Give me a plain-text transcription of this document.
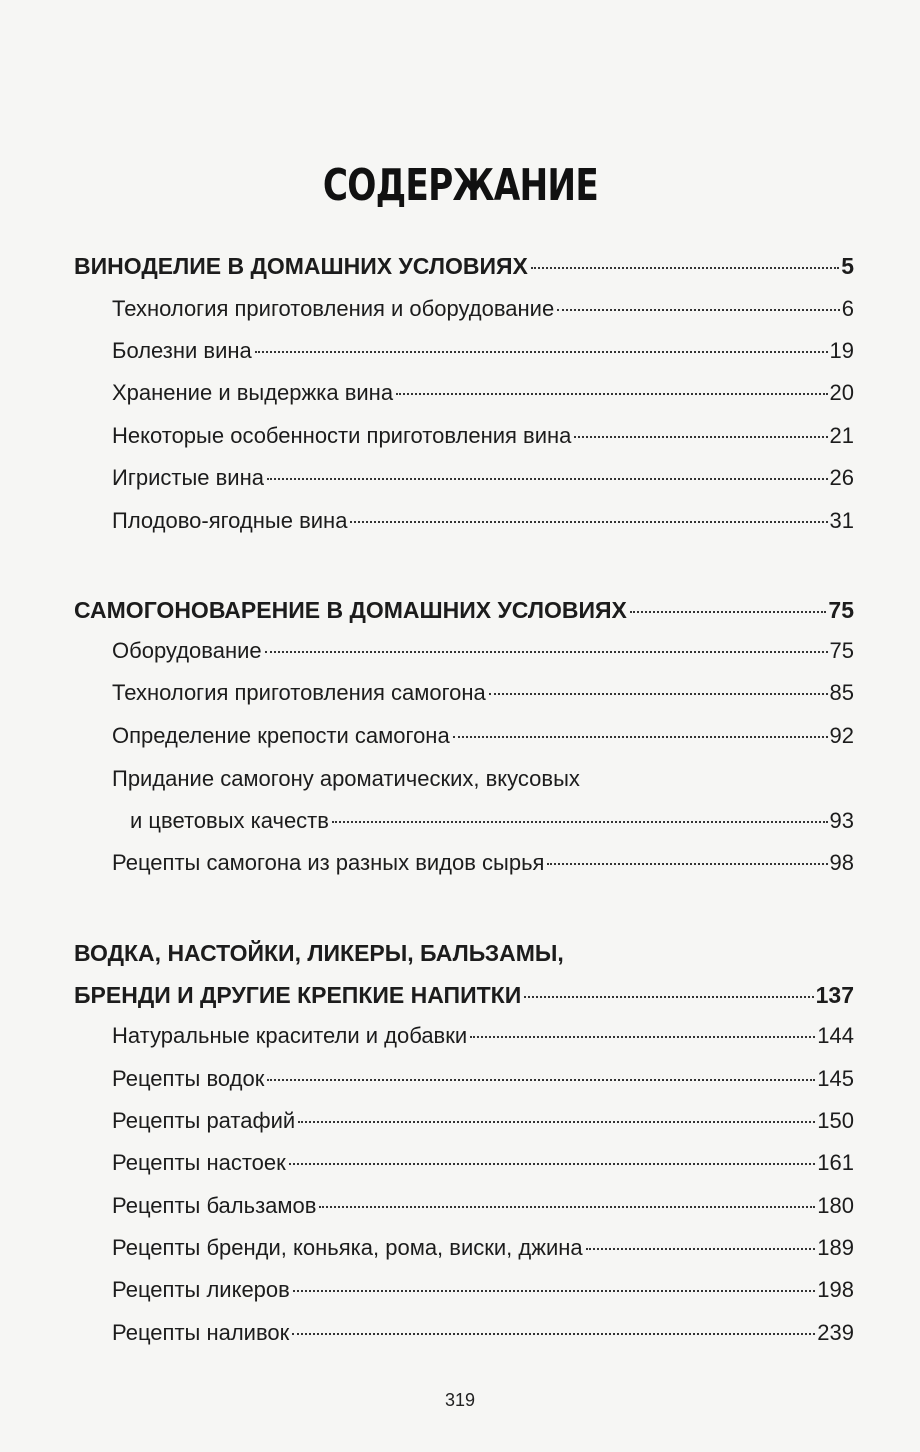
СОДЕРЖАНИЕ
ВИНОДЕЛИЕ В ДОМАШНИХ УСЛОВИЯХ	5
Технология приготовления и оборудование	6
Болезни вина	19
Хранение и выдержка вина	20
Некоторые особенности приготовления вина	21
Игристые вина	26
Плодово-ягодные вина	31
САМОГОНОВАРЕНИЕ В ДОМАШНИХ УСЛОВИЯХ	75
Оборудование	75
Технология приготовления самогона	85
Определение крепости самогона	92
Придание самогону ароматических, вкусовых
и цветовых качеств	93
Рецепты самогона из разных видов сырья	98
ВОДКА, НАСТОЙКИ, ЛИКЕРЫ, БАЛЬЗАМЫ,
БРЕНДИ И ДРУГИЕ КРЕПКИЕ НАПИТКИ	137
Натуральные красители и добавки	144
Рецепты водок	145
Рецепты ратафий	150
Рецепты настоек	161
Рецепты бальзамов	180
Рецепты бренди, коньяка, рома, виски, джина	189
Рецепты ликеров	198
Рецепты наливок	239
319
